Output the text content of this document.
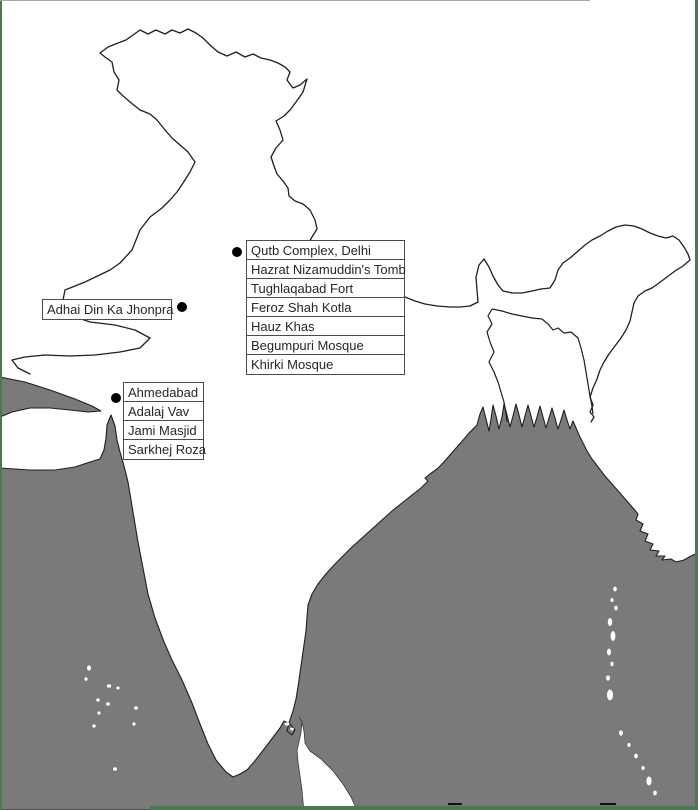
Qutb Complex, Delhi
Hazrat Nizamuddin's Tomb
Tughlaqabad Fort
Feroz Shah Kotla
Hauz Khas
Begumpuri Mosque
Khirki Mosque
Adhai Din Ka Jhonpra
Ahmedabad
Adalaj Vav
Jami Masjid
Sarkhej Roza
